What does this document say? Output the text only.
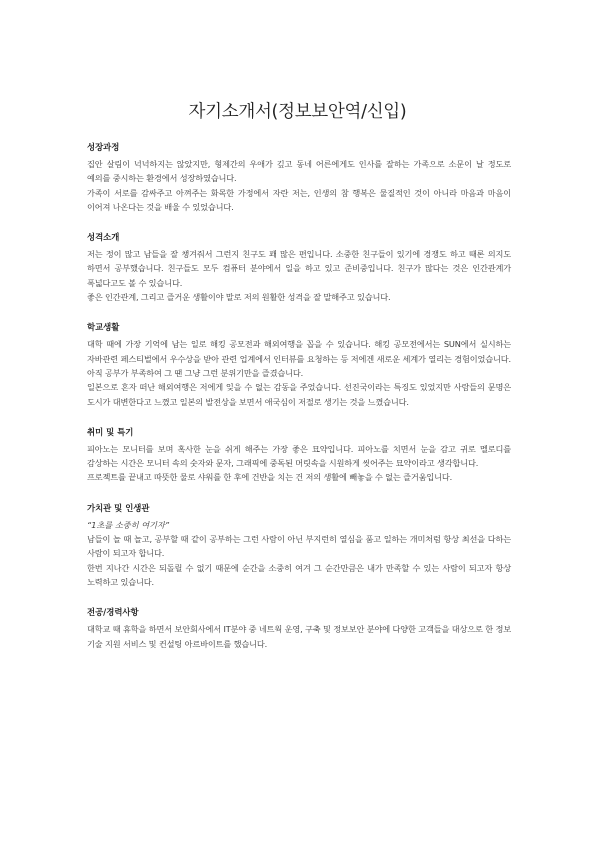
자기소개서(정보보안역/신입)
성장과정

집안 살림이 넉넉하지는 않았지만, 형제간의 우애가 깊고 동네 어른에게도 인사를 잘하는 가족으로 소문이 날 정도로 예의를 중시하는 환경에서 성장하였습니다.

가족이 서로를 감싸주고 아껴주는 화목한 가정에서 자란 저는, 인생의 참 행복은 물질적인 것이 아니라 마음과 마음이 이어져 나온다는 것을 배울 수 있었습니다.

성격소개

저는 정이 많고 남들을 잘 챙겨줘서 그런지 친구도 꽤 많은 편입니다. 소중한 친구들이 있기에 경쟁도 하고 때론 의지도 하면서 공부했습니다. 친구들도 모두 컴퓨터 분야에서 일을 하고 있고 준비중입니다. 친구가 많다는 것은 인간관계가 폭넓다고도 볼 수 있습니다.

좋은 인간관계, 그리고 즐거운 생활이야 말로 저의 원활한 성격을 잘 말해주고 있습니다.

학교생활

대학 때에 가장 기억에 남는 일로 해킹 공모전과 해외여행을 꼽을 수 있습니다. 해킹 공모전에서는 SUN에서 실시하는 자바관련 페스티벌에서 우수상을 받아 관련 업계에서 인터뷰를 요청하는 등 저에겐 새로운 세계가 열리는 경험이었습니다. 아직 공부가 부족하여 그 땐 그냥 그런 분위기만을 즐겼습니다.

일본으로 혼자 떠난 해외여행은 저에게 잊을 수 없는 감동을 주었습니다. 선진국이라는 특징도 있었지만 사람들의 문명은 도시가 대변한다고 느꼈고 일본의 발전상을 보면서 애국심이 저절로 생기는 것을 느꼈습니다.

취미 및 특기

피아노는 모니터를 보며 혹사한 눈을 쉬게 해주는 가장 좋은 묘약입니다. 피아노를 치면서 눈을 감고 귀로 멜로디를 감상하는 시간은 모니터 속의 숫자와 문자, 그래픽에 중독된 머릿속을 시원하게 씻어주는 묘약이라고 생각합니다.

프로젝트를 끝내고 따뜻한 물로 샤워를 한 후에 건반을 치는 건 저의 생활에 빼놓을 수 없는 즐거움입니다.

가치관 및 인생관

“1초를 소중히 여기자”

남들이 놀 때 놀고, 공부할 때 같이 공부하는 그런 사람이 아닌 부지런히 열심을 품고 일하는 개미처럼 항상 최선을 다하는 사람이 되고자 합니다.

한번 지나간 시간은 되돌릴 수 없기 때문에 순간을 소중히 여겨 그 순간만큼은 내가 만족할 수 있는 사람이 되고자 항상 노력하고 있습니다.

전공/경력사항

대학교 때 휴학을 하면서 보안회사에서 IT분야 중 네트웍 운영, 구축 및 정보보안 분야에 다양한 고객들을 대상으로 한 정보 기술 지원 서비스 및 컨설팅 아르바이트를 했습니다.
